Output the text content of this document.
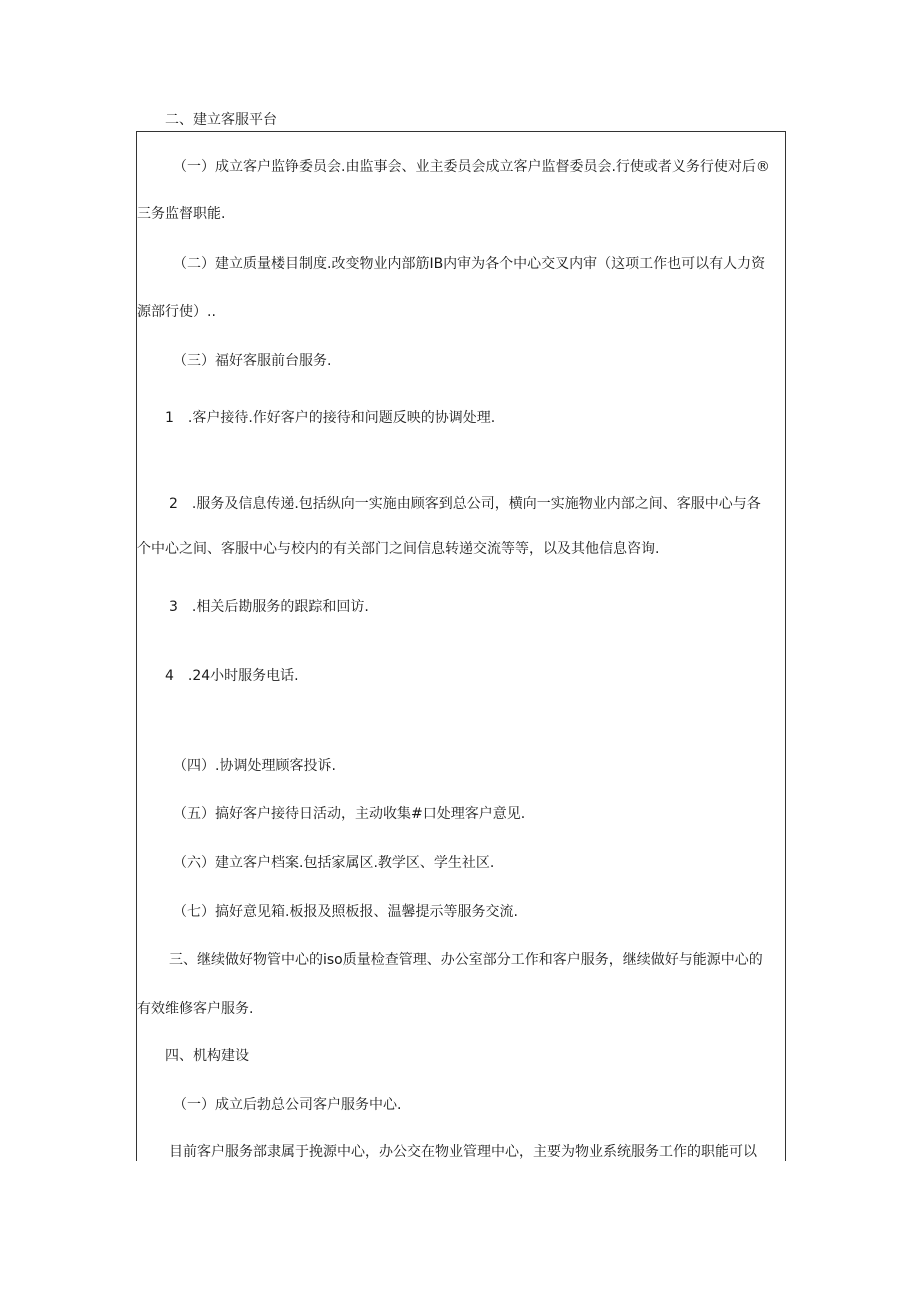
二、建立客服平台
（一）成立客户监铮委员会.由监事会、业主委员会成立客户监督委员会.行使或者义务行使对后®
三务监督职能.
（二）建立质量楼目制度.改变物业内部筋IB内审为各个中心交叉内审（这项工作也可以有人力资
源部行使）..
（三）福好客服前台服务.
1　.客户接待.作好客户的接待和问题反映的协调处理.
2　.服务及信息传递.包括纵向一实施由顾客到总公司，横向一实施物业内部之间、客服中心与各
个中心之间、客服中心与校内的有关部门之间信息转递交流等等，以及其他信息咨询.
3　.相关后勘服务的跟踪和回访.
4　.24小时服务电话.
（四）.协调处理顾客投诉.
（五）搞好客户接待日活动，主动收集#口处理客户意见.
（六）建立客户档案.包括家属区.教学区、学生社区.
（七）搞好意见箱.板报及照板报、温馨提示等服务交流.
三、继续做好物管中心的iso质量检查管理、办公室部分工作和客户服务，继续做好与能源中心的
有效维修客户服务.
四、机构建设
（一）成立后勃总公司客户服务中心.
目前客户服务部隶属于挽源中心，办公交在物业管理中心，主要为物业系统服务工作的职能可以
